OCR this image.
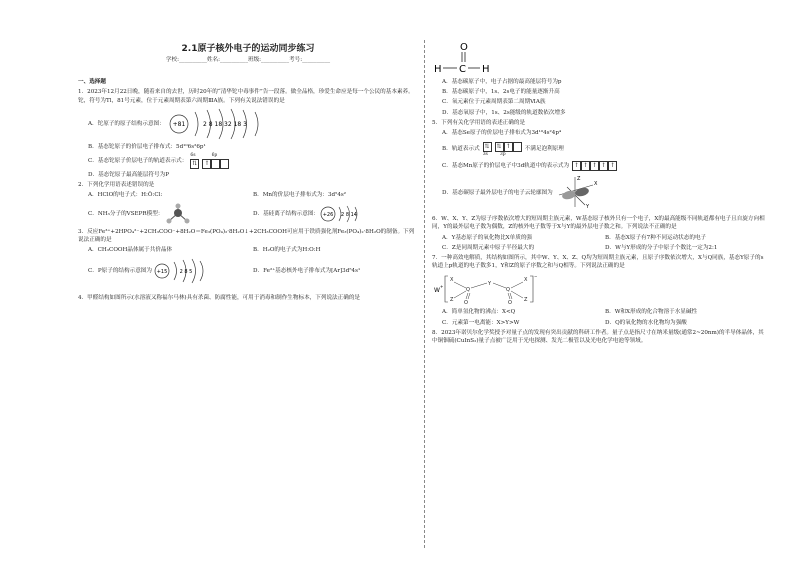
2.1原子核外电子的运动同步练习
学校:__________姓名:__________班级:__________考号:__________
一、选择题
1．2023年12月22日晚，随着来自的去世，历时20年的“清华铊中毒事件”告一段落。做全品格，珍爱生命应是每一个公民的基本素养。铊，符号为Tl，81号元素，位于元素周期表第六周期ⅢA族。下列有关说法错误的是
A．铊原子的原子结构示意图： +81	2 8 18 32 18 3
B．基态铊原子的价层电子排布式：5d¹⁰6s²6p¹
C．基态铊原子价层电子的轨道表示式：
6s	6p
⇅	↑
D．基态铊原子最高能层符号为P
2．下列化学用语表述错误的是
A．HClO的电子式：H:Ö:Cl:	B．Mn的价层电子排布式为：3d⁵4s²
C．NH₃分子的VSEPR模型：	D．基硅离子结构示意图： +26 2 8 14
3．反应Fe³⁺+2HPO₄²⁻+2CH₃COO⁻+8H₂O＝Fe₃(PO₄)₂·8H₂O↓+2CH₃COOH可应用于铁质强化剂Fe₃(PO₄)₂·8H₂O的制备。下列说法正确的是
A．CH₃COOH晶体属于共价晶体	B．H₂O的电子式为H:O:H
C．P原子的结构示意图为 +15 2 8 5	D．Fe²⁺基态核外电子排布式为[Ar]3d⁵4s¹
4．甲醛结构如图所示(水溶液又称福尔马林)具有杀菌、防腐性能，可用于消毒和制作生物标本，下列说法正确的是
O
H C H
A．基态碳原子中，电子占据的最高能层符号为p
B．基态碳原子中，1s、2s电子的能量逐渐升高
C．氧元素位于元素周期表第二周期ⅥA族
D．基态氧原子中，1s、2s能级的轨道数依次增多
5．下列有关化学用语的表述正确的是
A．基态Se原子的价层电子排布式为3d¹⁰4s²4p⁴
B．轨道表示式 ⇅	⇅ ↑
3s	3p
不满足泡利原理
C．基态Mn原子的价层电子中3d轨道中的表示式为 ↑ ↑ ↑ ↑ ↑
D．基态碳原子最外层电子的电子云轮廓图为
Z
X
Y
6．W、X、Y、Z为原子序数依次增大的短周期主族元素，W基态原子核外只有一个电子，X的最高能级不同轨道都有电子且自旋方向相同，Y的最外层电子数为偶数，Z的核外电子数等于X与Y的最外层电子数之和。下列说法不正确的是
A．Y基态原子的氧化物比X单质的强	B．基态X原子有7种不同运动状态的电子
C．Z是同周期元素中原子半径最大的	D．W与Y形成的分子中原子个数比一定为2:1
7．一种高效电解质，其结构如图所示，其中W、Y、X、Z、Q均为短周期主族元素，且原子序数依次增大，X与Q同族，基态Y原子的s轨道上p轨道的电子数多1，Y和Z的原子序数之和与Q相等。下列说法正确的是
W
+
X
Z
Q
Y
Q
X
Z
O	O
−
A．简单氢化物的沸点：X<Q	B．W和X形成的化合物溶于水显碱性
C．元素第一电离能：X>Y>W	D．Q的氧化物的水化物均为强酸
8．2023年诺贝尔化学奖授予对量子点的发现有突出贡献的科研工作者。量子点是指尺寸在纳米量级(通常2~20nm)的半导体晶体，其中铜铟硫(CuInS₂)量子点被广泛用于光电探测、发光二极管以及光电化学电池等领域。
